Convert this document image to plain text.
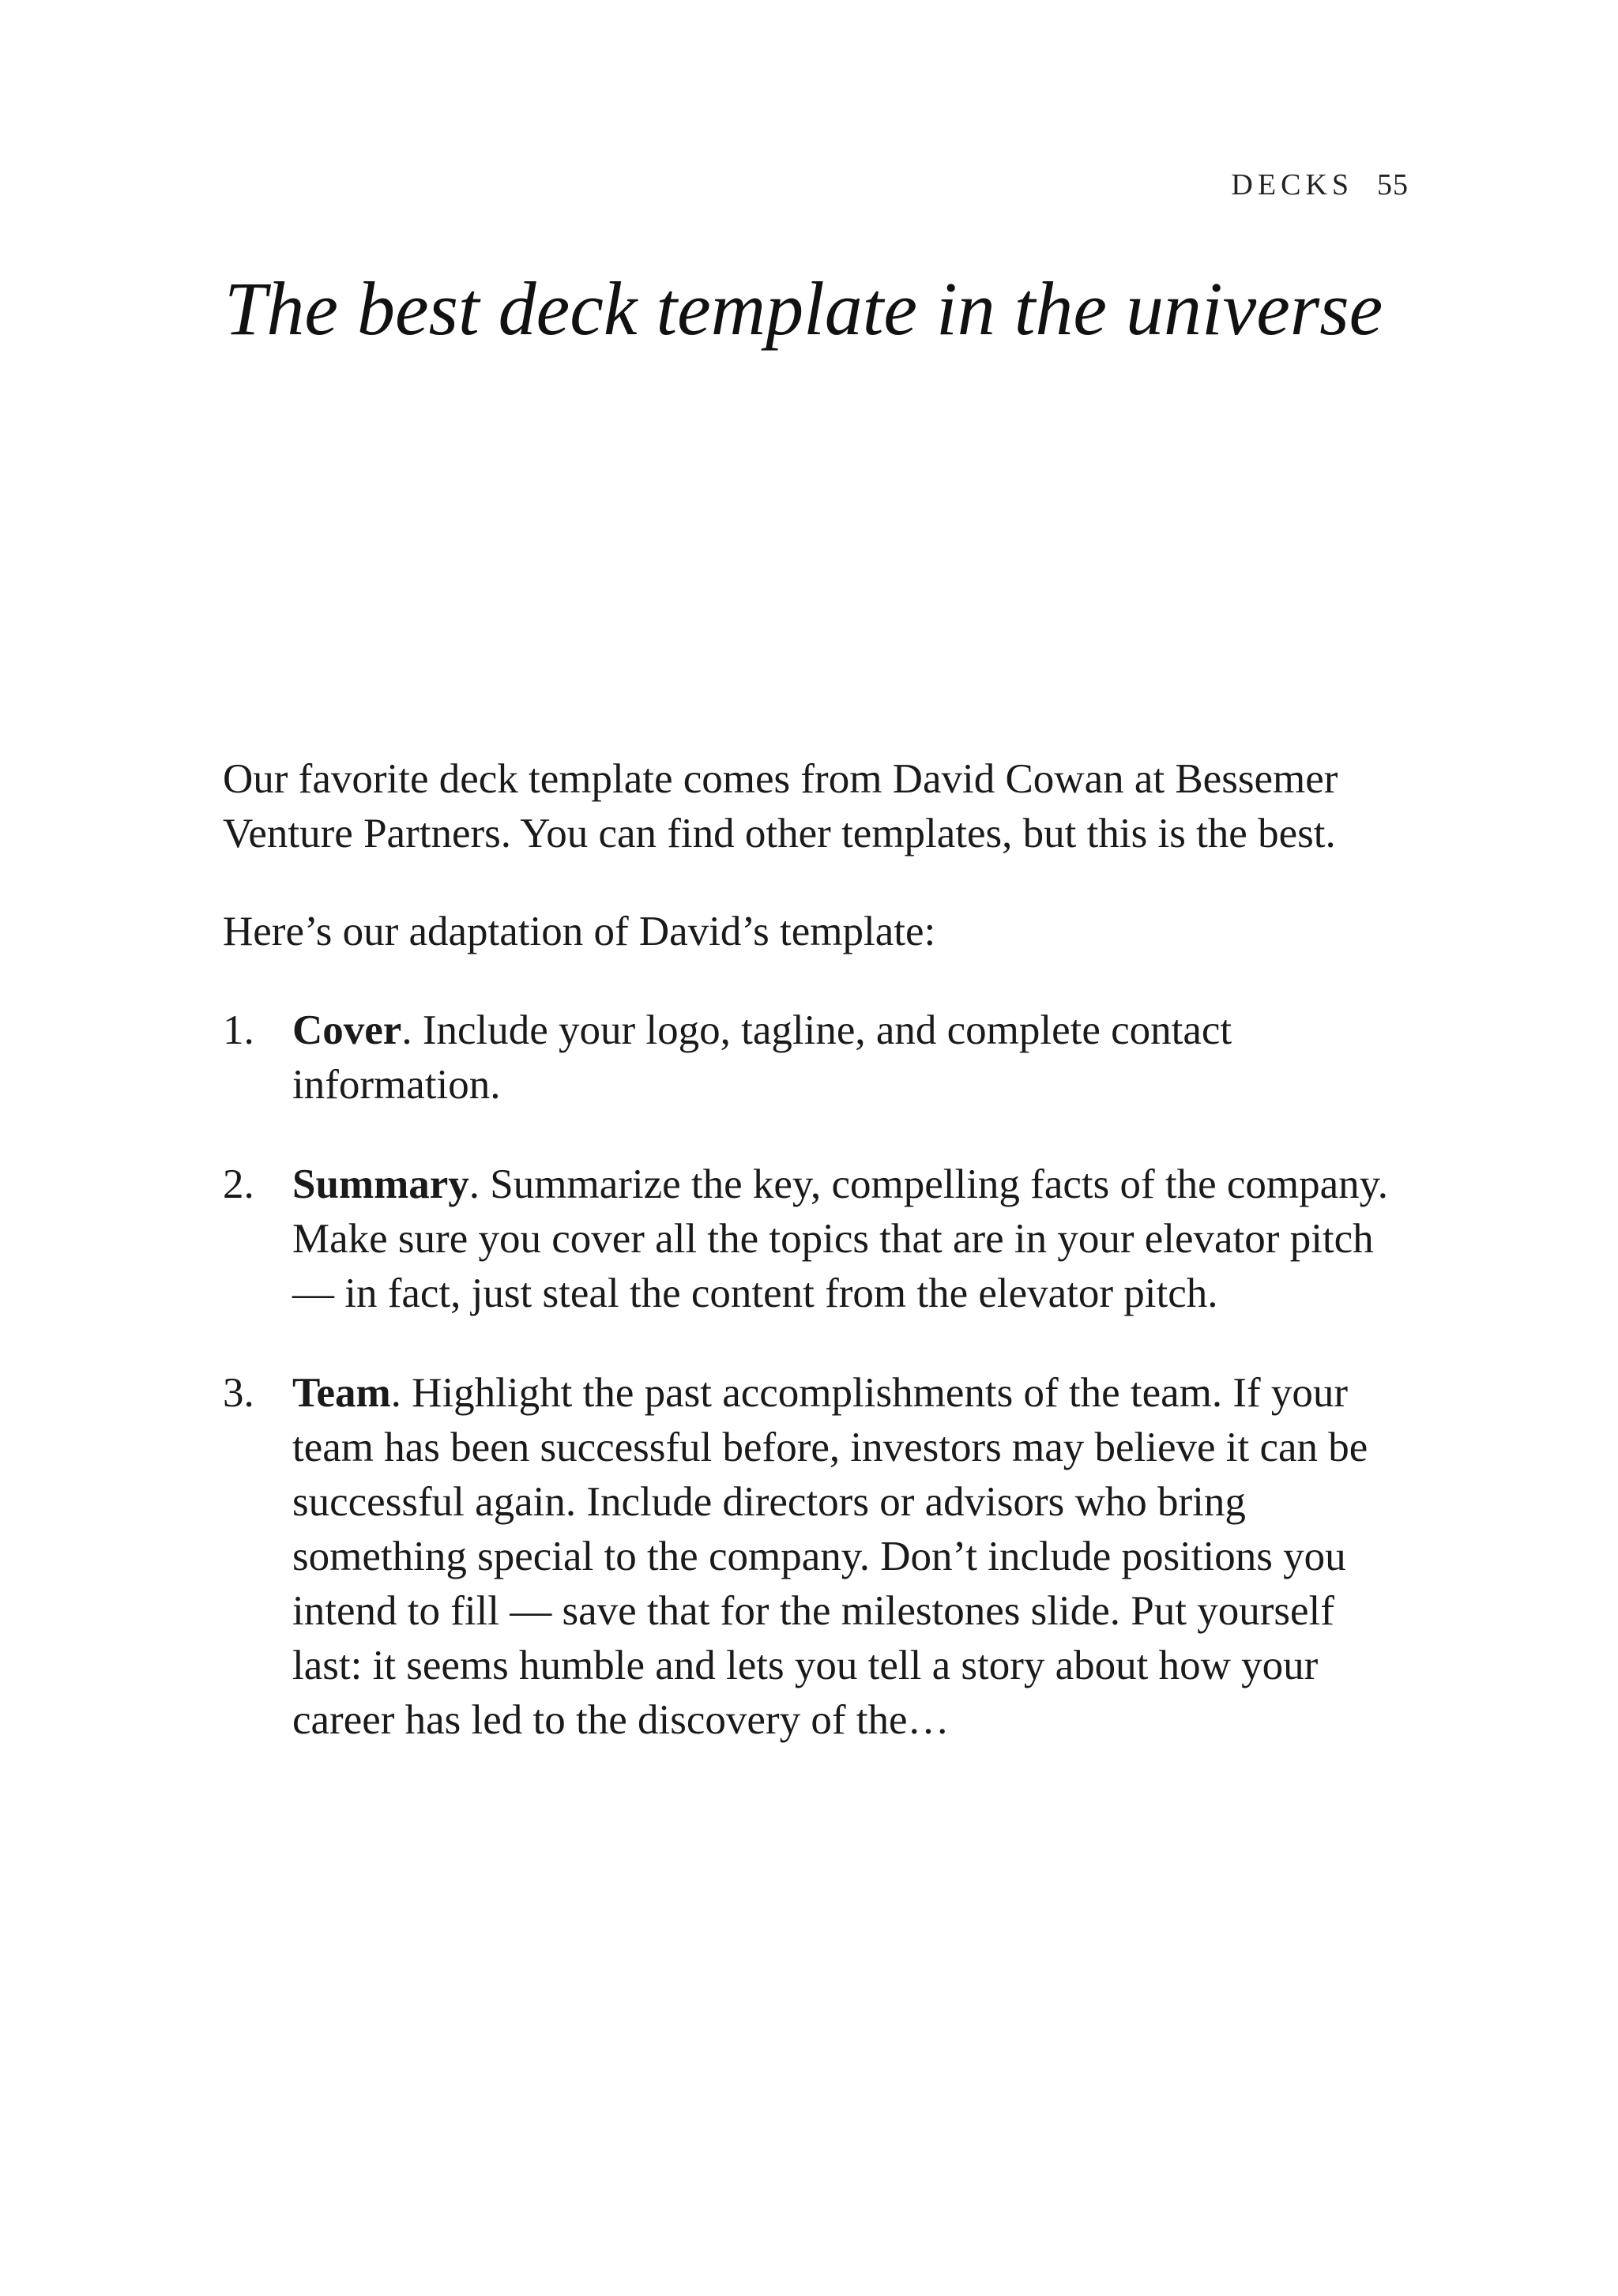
DECKS 55
The best deck template in the universe

Our favorite deck template comes from David Cowan at Bessemer Venture Partners. You can find other templates, but this is the best.

Here’s our adaptation of David’s template:

1. Cover. Include your logo, tagline, and complete contact information.
2. Summary. Summarize the key, compelling facts of the company. Make sure you cover all the topics that are in your elevator pitch — in fact, just steal the content from the elevator pitch.
3. Team. Highlight the past accomplishments of the team. If your team has been successful before, investors may believe it can be successful again. Include directors or advisors who bring something special to the company. Don’t include positions you intend to fill — save that for the milestones slide. Put yourself last: it seems humble and lets you tell a story about how your career has led to the discovery of the…
